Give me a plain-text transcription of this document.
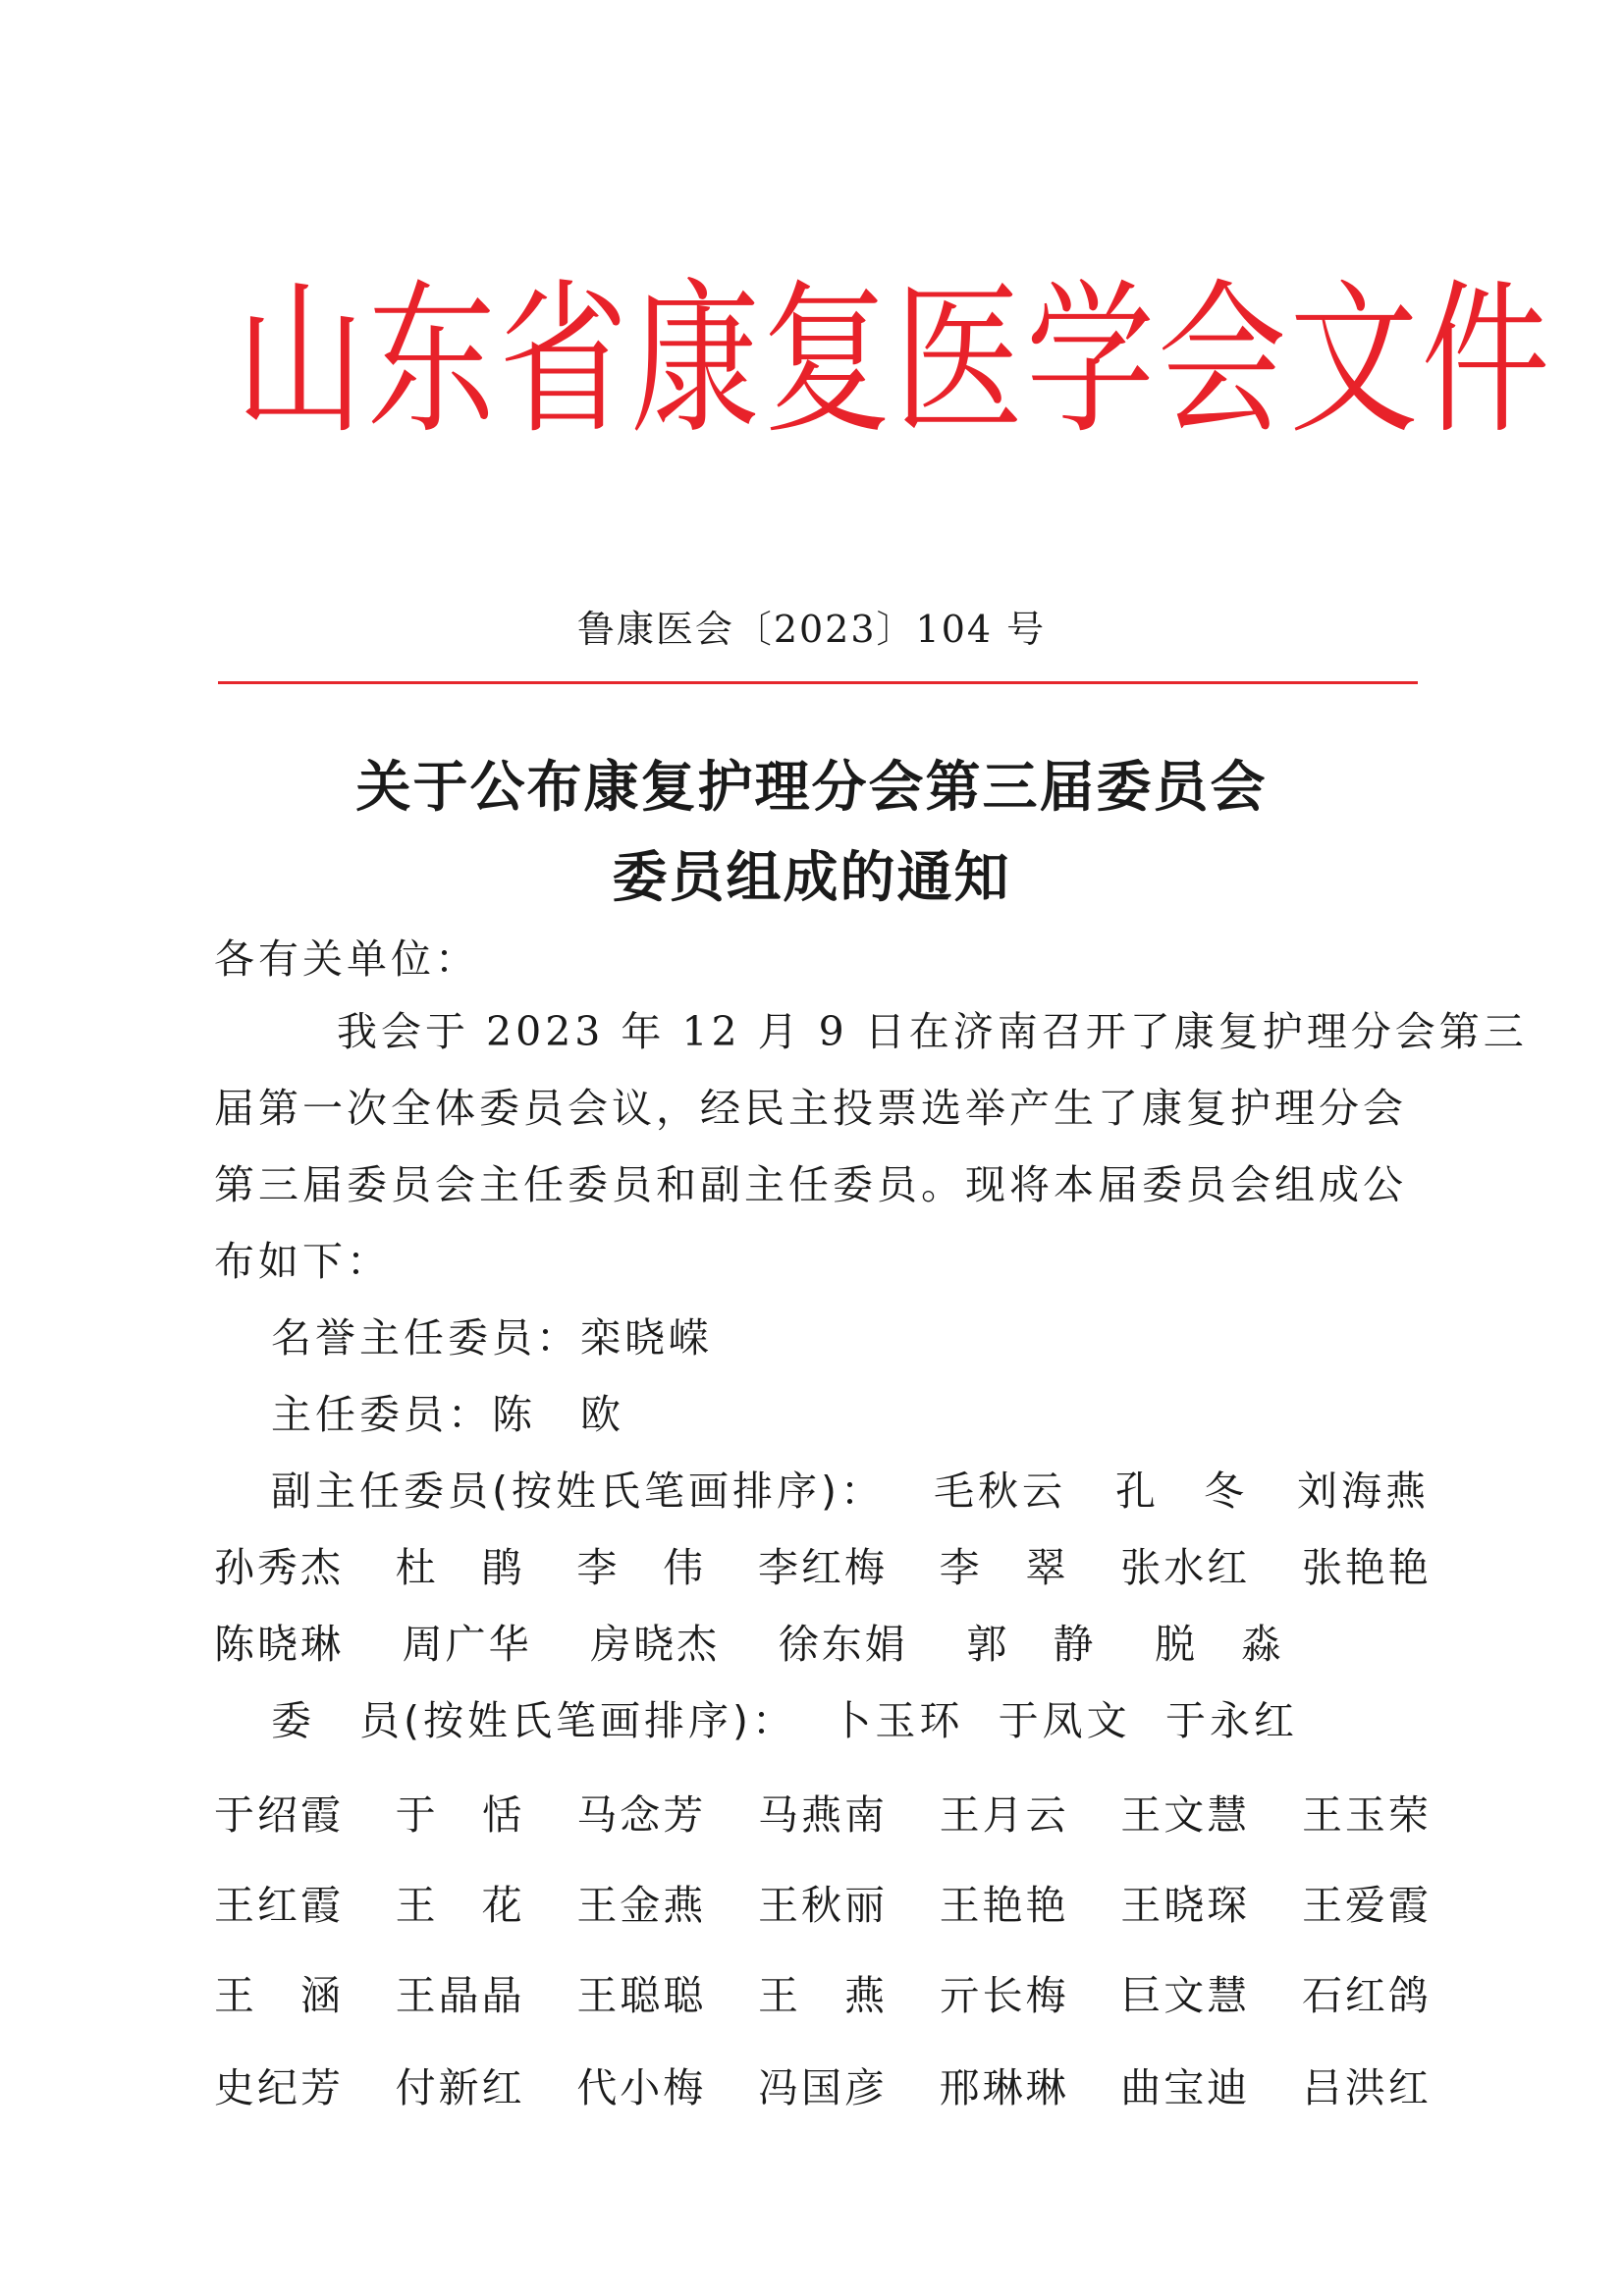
山东省康复医学会文件
鲁康医会〔2023〕104 号
关于公布康复护理分会第三届委员会
委员组成的通知
各有关单位：
　我会于 2023 年 12 月 9 日在济南召开了康复护理分会第三
届第一次全体委员会议，经民主投票选举产生了康复护理分会
第三届委员会主任委员和副主任委员。现将本届委员会组成公
布如下：
名誉主任委员：栾晓嵘
主任委员：陈　欧
副主任委员(按姓氏笔画排序)： 毛秋云 孔　冬 刘海燕
孙秀杰 杜　鹃 李　伟 李红梅 李　翠 张水红 张艳艳
陈晓琳 周广华 房晓杰 徐东娟 郭　静 脱　淼
委　员(按姓氏笔画排序)： 卜玉环 于凤文 于永红
于绍霞 于　恬 马念芳 马燕南 王月云 王文慧 王玉荣
王红霞 王　花 王金燕 王秋丽 王艳艳 王晓琛 王爱霞
王　涵 王晶晶 王聪聪 王　燕 亓长梅 巨文慧 石红鸽
史纪芳 付新红 代小梅 冯国彦 邢琳琳 曲宝迪 吕洪红
